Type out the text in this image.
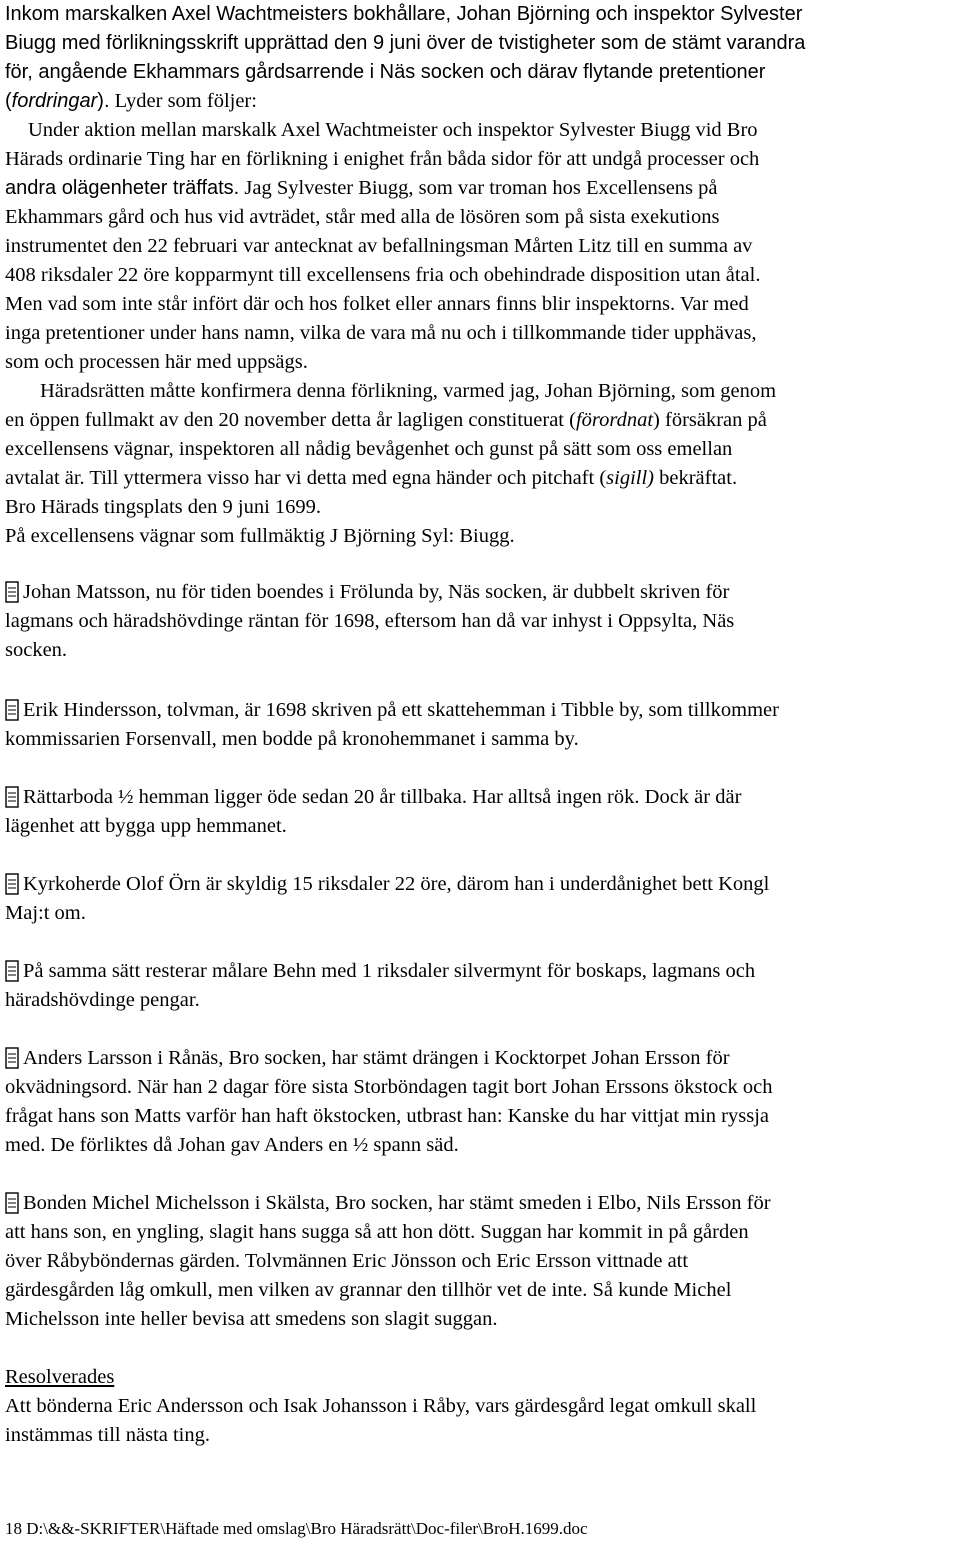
Inkom marskalken Axel Wachtmeisters bokhållare, Johan Björning och inspektor Sylvester
Biugg med förlikningsskrift upprättad den 9 juni över de tvistigheter som de stämt varandra
för, angående Ekhammars gårdsarrende i Näs socken och därav flytande pretentioner
(fordringar). Lyder som följer:
Under aktion mellan marskalk Axel Wachtmeister och inspektor Sylvester Biugg vid Bro
Härads ordinarie Ting har en förlikning i enighet från båda sidor för att undgå processer och
andra olägenheter träffats. Jag Sylvester Biugg, som var troman hos Excellensens på
Ekhammars gård och hus vid avträdet, står med alla de lösören som på sista exekutions
instrumentet den 22 februari var antecknat av befallningsman Mårten Litz till en summa av
408 riksdaler 22 öre kopparmynt till excellensens fria och obehindrade disposition utan åtal.
Men vad som inte står infört där och hos folket eller annars finns blir inspektorns. Var med
inga pretentioner under hans namn, vilka de vara må nu och i tillkommande tider upphävas,
som och processen här med uppsägs.
Häradsrätten måtte konfirmera denna förlikning, varmed jag, Johan Björning, som genom
en öppen fullmakt av den 20 november detta år lagligen constituerat (förordnat) försäkran på
excellensens vägnar, inspektoren all nådig bevågenhet och gunst på sätt som oss emellan
avtalat är. Till yttermera visso har vi detta med egna händer och pitchaft (sigill) bekräftat.
Bro Härads tingsplats den 9 juni 1699.
På excellensens vägnar som fullmäktig J Björning Syl: Biugg.
Johan Matsson, nu för tiden boendes i Frölunda by, Näs socken, är dubbelt skriven för
lagmans och häradshövdinge räntan för 1698, eftersom han då var inhyst i Oppsylta, Näs
socken.
Erik Hindersson, tolvman, är 1698 skriven på ett skattehemman i Tibble by, som tillkommer
kommissarien Forsenvall, men bodde på kronohemmanet i samma by.
Rättarboda ½ hemman ligger öde sedan 20 år tillbaka. Har alltså ingen rök. Dock är där
lägenhet att bygga upp hemmanet.
Kyrkoherde Olof Örn är skyldig 15 riksdaler 22 öre, därom han i underdånighet bett Kongl
Maj:t om.
På samma sätt resterar målare Behn med 1 riksdaler silvermynt för boskaps, lagmans och
häradshövdinge pengar.
Anders Larsson i Rånäs, Bro socken, har stämt drängen i Kocktorpet Johan Ersson för
okvädningsord. När han 2 dagar före sista Storböndagen tagit bort Johan Erssons ökstock och
frågat hans son Matts varför han haft ökstocken, utbrast han: Kanske du har vittjat min ryssja
med. De förliktes då Johan gav Anders en ½ spann säd.
Bonden Michel Michelsson i Skälsta, Bro socken, har stämt smeden i Elbo, Nils Ersson för
att hans son, en yngling, slagit hans sugga så att hon dött. Suggan har kommit in på gården
över Råbyböndernas gärden. Tolvmännen Eric Jönsson och Eric Ersson vittnade att
gärdesgården låg omkull, men vilken av grannar den tillhör vet de inte. Så kunde Michel
Michelsson inte heller bevisa att smedens son slagit suggan.
Resolverades
Att bönderna Eric Andersson och Isak Johansson i Råby, vars gärdesgård legat omkull skall
instämmas till nästa ting.
18 D:\&&-SKRIFTER\Häftade med omslag\Bro Häradsrätt\Doc-filer\BroH.1699.doc
